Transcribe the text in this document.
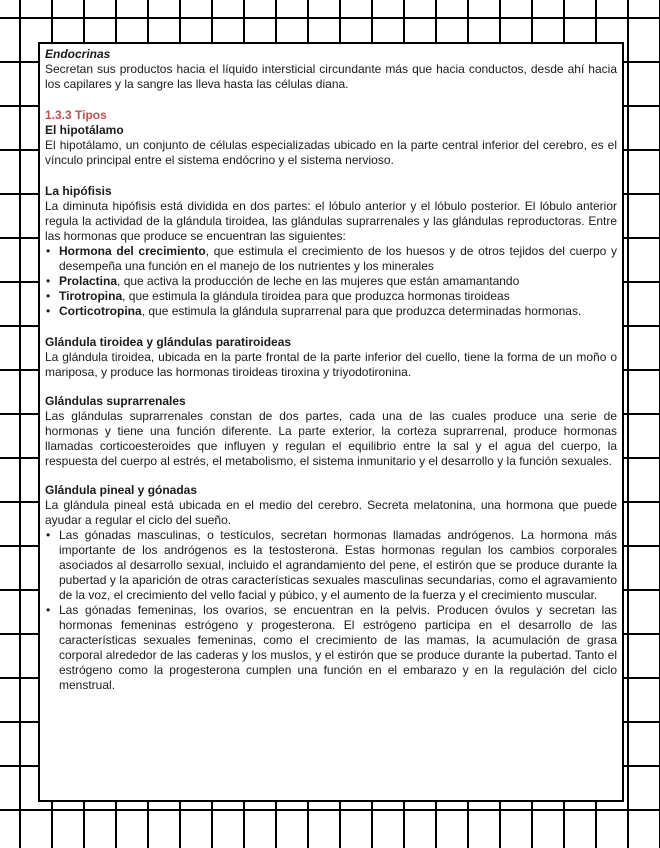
Endocrinas

Secretan sus productos hacia el líquido intersticial circundante más que hacia conductos, desde ahí hacia los capilares y la sangre las lleva hasta las células diana.

1.3.3 Tipos

El hipotálamo

El hipotálamo, un conjunto de células especializadas ubicado en la parte central inferior del cerebro, es el vínculo principal entre el sistema endócrino y el sistema nervioso.

La hipófisis

La diminuta hipófisis está dividida en dos partes: el lóbulo anterior y el lóbulo posterior. El lóbulo anterior regula la actividad de la glándula tiroidea, las glándulas suprarrenales y las glándulas reproductoras. Entre las hormonas que produce se encuentran las siguientes:

• Hormona del crecimiento, que estimula el crecimiento de los huesos y de otros tejidos del cuerpo y desempeña una función en el manejo de los nutrientes y los minerales
• Prolactina, que activa la producción de leche en las mujeres que están amamantando
• Tirotropina, que estimula la glándula tiroidea para que produzca hormonas tiroideas
• Corticotropina, que estimula la glándula suprarrenal para que produzca determinadas hormonas.

Glándula tiroidea y glándulas paratiroideas

La glándula tiroidea, ubicada en la parte frontal de la parte inferior del cuello, tiene la forma de un moño o mariposa, y produce las hormonas tiroideas tiroxina y triyodotironina.

Glándulas suprarrenales

Las glándulas suprarrenales constan de dos partes, cada una de las cuales produce una serie de hormonas y tiene una función diferente. La parte exterior, la corteza suprarrenal, produce hormonas llamadas corticoesteroides que influyen y regulan el equilibrio entre la sal y el agua del cuerpo, la respuesta del cuerpo al estrés, el metabolismo, el sistema inmunitario y el desarrollo y la función sexuales.

Glándula pineal y gónadas

La glándula pineal está ubicada en el medio del cerebro. Secreta melatonina, una hormona que puede ayudar a regular el ciclo del sueño.

• Las gónadas masculinas, o testículos, secretan hormonas llamadas andrógenos. La hormona más importante de los andrógenos es la testosterona. Estas hormonas regulan los cambios corporales asociados al desarrollo sexual, incluido el agrandamiento del pene, el estirón que se produce durante la pubertad y la aparición de otras características sexuales masculinas secundarias, como el agravamiento de la voz, el crecimiento del vello facial y púbico, y el aumento de la fuerza y el crecimiento muscular.
• Las gónadas femeninas, los ovarios, se encuentran en la pelvis. Producen óvulos y secretan las hormonas femeninas estrógeno y progesterona. El estrógeno participa en el desarrollo de las características sexuales femeninas, como el crecimiento de las mamas, la acumulación de grasa corporal alrededor de las caderas y los muslos, y el estirón que se produce durante la pubertad. Tanto el estrógeno como la progesterona cumplen una función en el embarazo y en la regulación del ciclo menstrual.
